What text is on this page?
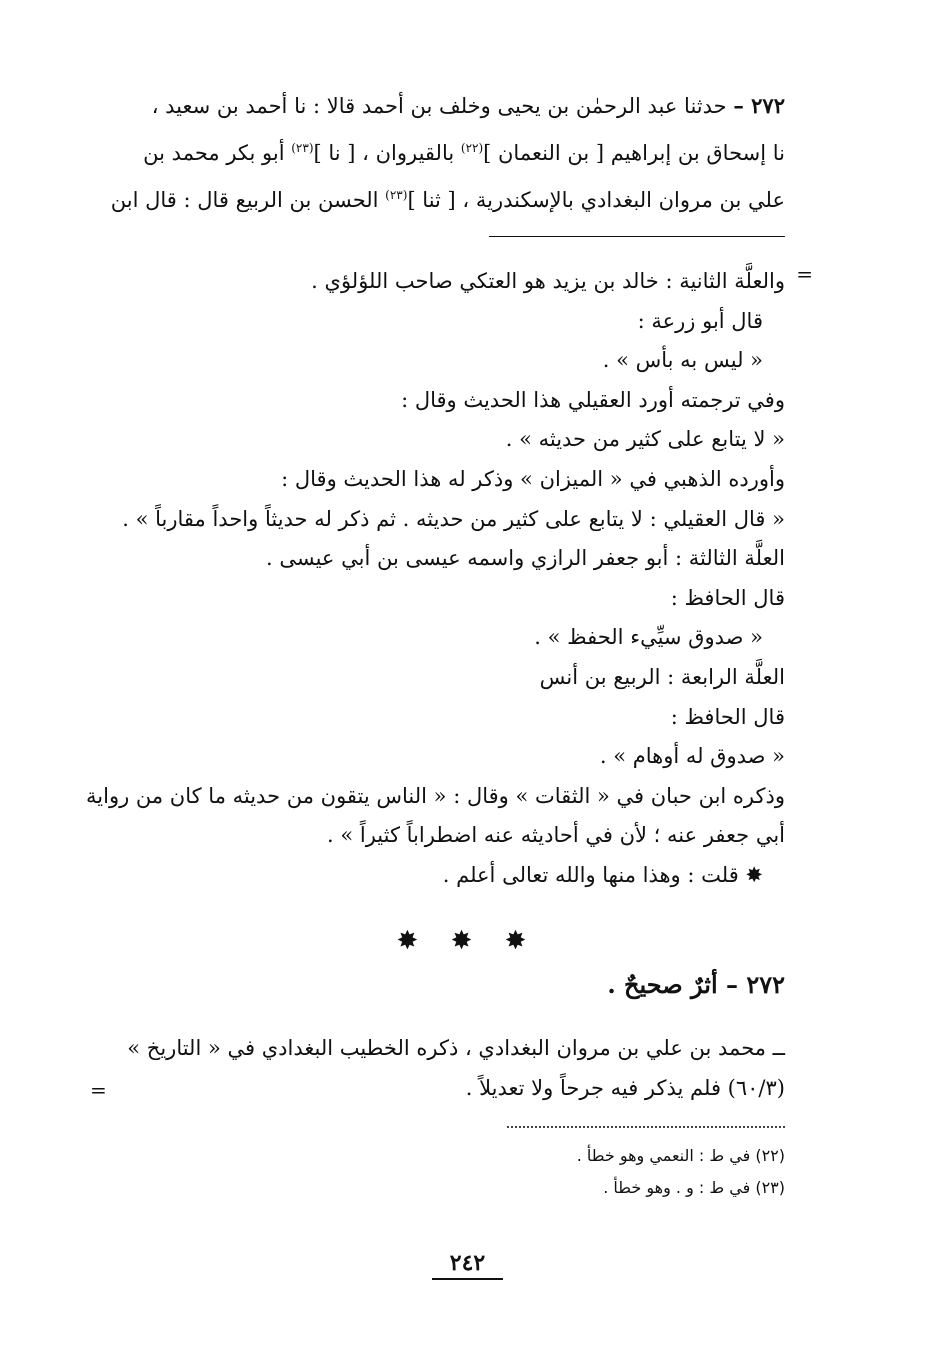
٢٧٢ – حدثنا عبد الرحمٰن بن يحيى وخلف بن أحمد قالا : نا أحمد بن سعيد ،

نا إسحاق بن إبراهيم [ بن النعمان ]$^{(٢٢)}$ بالقيروان ، [ نا ]$^{(٢٣)}$ أبو بكر محمد بن

علي بن مروان البغدادي بالإسكندرية ، [ ثنا ]$^{(٢٣)}$ الحسن بن الربيع قال : قال ابن

=

والعلَّة الثانية : خالد بن يزيد هو العتكي صاحب اللؤلؤي .

قال أبو زرعة :

« ليس به بأس » .

وفي ترجمته أورد العقيلي هذا الحديث وقال :

« لا يتابع على كثير من حديثه » .

وأورده الذهبي في « الميزان » وذكر له هذا الحديث وقال :

« قال العقيلي : لا يتابع على كثير من حديثه . ثم ذكر له حديثاً واحداً مقارباً » .

العلَّة الثالثة : أبو جعفر الرازي واسمه عيسى بن أبي عيسى .

قال الحافظ :

« صدوق سيِّيء الحفظ » .

العلَّة الرابعة : الربيع بن أنس

قال الحافظ :

« صدوق له أوهام » .

وذكره ابن حبان في « الثقات » وقال : « الناس يتقون من حديثه ما كان من رواية

أبي جعفر عنه ؛ لأن في أحاديثه عنه اضطراباً كثيراً » .

✸ قلت : وهذا منها والله تعالى أعلم .

✸ ✸ ✸
٢٧٢ – أثرٌ صحيحٌ .

ــ محمد بن علي بن مروان البغدادي ، ذكره الخطيب البغدادي في « التاريخ »

(٦٠/٣) فلم يذكر فيه جرحاً ولا تعديلاً .

=

(٢٢) في ط : النعمي وهو خطأ .

(٢٣) في ط : و . وهو خطأ .

٢٤٢
